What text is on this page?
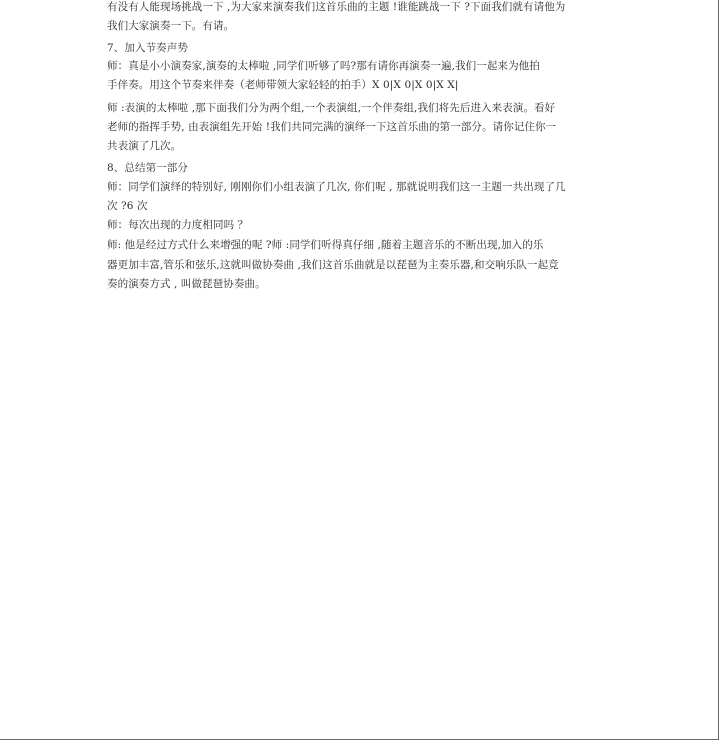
有没有人能现场挑战一下 ,为大家来演奏我们这首乐曲的主题 !谁能跳战一下 ?下面我们就有请他为
我们大家演奏一下。有请。
7、加入节奏声势
师：真是小小演奏家,演奏的太棒啦 ,同学们听够了吗?那有请你再演奏一遍,我们一起来为他拍
手伴奏。用这个节奏来伴奏（老师带领大家轻轻的拍手）X 0|X 0|X 0|X X|
师 :表演的太棒啦 ,那下面我们分为两个组,一个表演组,一个伴奏组,我们将先后进入来表演。看好
老师的指挥手势, 由表演组先开始 !我们共同完满的演绎一下这首乐曲的第一部分。请你记住你一
共表演了几次。
8、总结第一部分
师：同学们演绎的特别好, 刚刚你们小组表演了几次, 你们呢 , 那就说明我们这一主题一共出现了几
次 ?6 次
师：每次出现的力度相同吗 ？
师: 他是经过方式什么来增强的呢 ?师 :同学们听得真仔细 ,随着主题音乐的不断出现,加入的乐
器更加丰富,管乐和弦乐,这就叫做协奏曲 ,我们这首乐曲就是以琵琶为主奏乐器,和交响乐队一起竞
奏的演奏方式 , 叫做琵琶协奏曲。
